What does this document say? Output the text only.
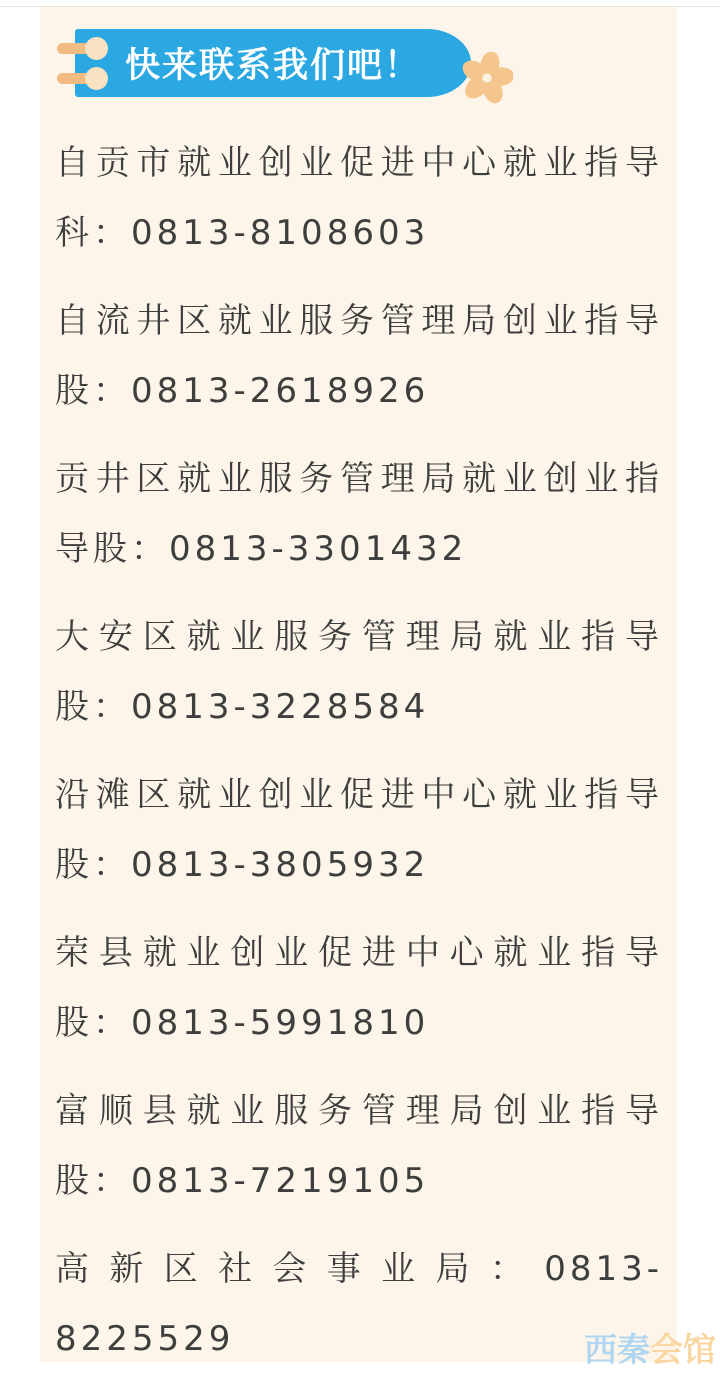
快来联系我们吧！
自贡市就业创业促进中心就业指导
科：0813-8108603
自流井区就业服务管理局创业指导
股：0813-2618926
贡井区就业服务管理局就业创业指
导股：0813-3301432
大安区就业服务管理局就业指导
股：0813-3228584
沿滩区就业创业促进中心就业指导
股：0813-3805932
荣县就业创业促进中心就业指导
股：0813-5991810
富顺县就业服务管理局创业指导
股：0813-7219105
高新区社会事业局：0813-
8225529	西秦会馆
